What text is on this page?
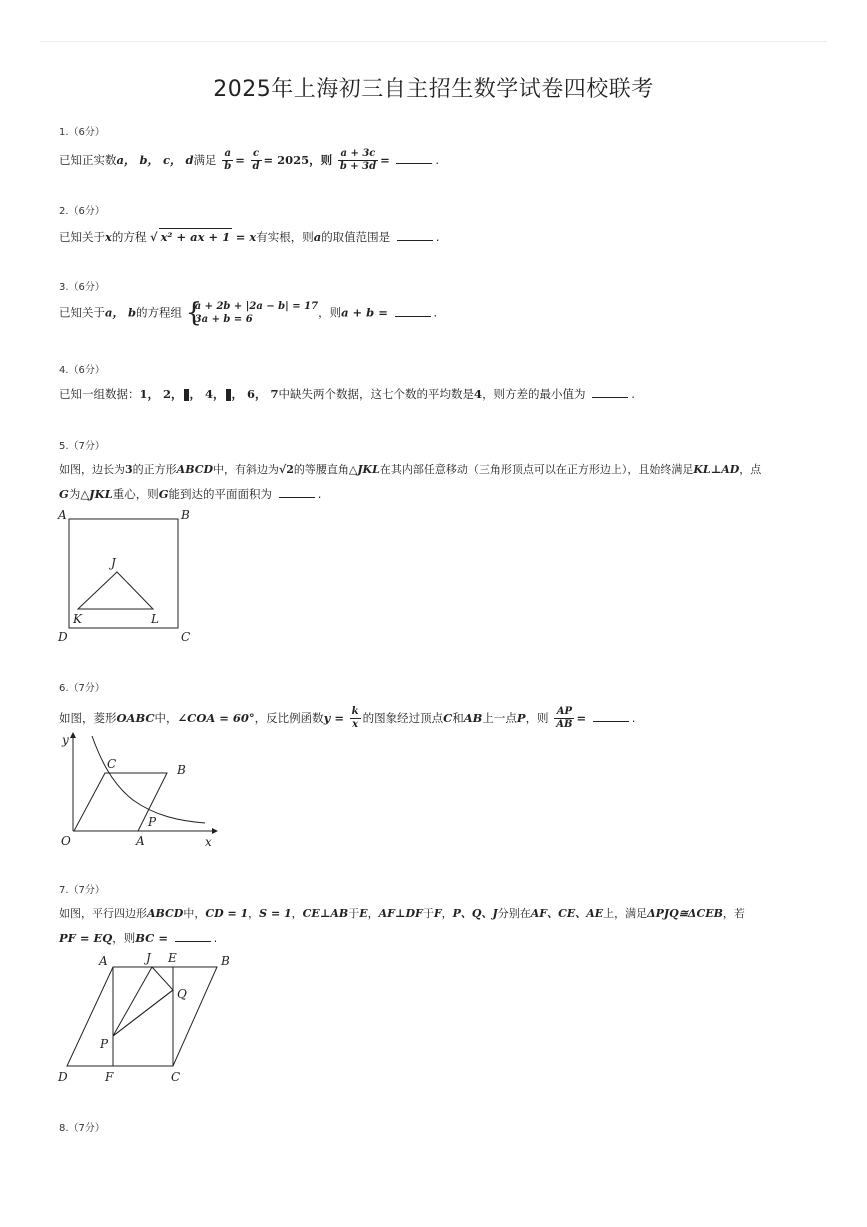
2025年上海初三自主招生数学试卷四校联考
1.（6分）
已知正实数a， b， c， d满足 $\frac{a}{b} = \frac{c}{d} = 2025$，则 $\frac{a + 3c}{b + 3d}$ =	.
2.（6分）
已知关于x的方程 √ x² + ax + 1 = x有实根，则a的取值范围是	.
3.（6分）
已知关于a， b的方程组 {
a + 2b + |2a − b| = 17
3a + b = 6	，则a + b =	.
4.（6分）
已知一组数据：1， 2， ， 4， ， 6， 7中缺失两个数据，这七个数的平均数是4，则方差的最小值为	.
5.（7分）
如图，边长为3的正方形ABCD中，有斜边为√2的等腰直角△JKL在其内部任意移动（三角形顶点可以在正方形边上），且始终满足KL⊥AD，点
G为△JKL重心，则G能到达的平面面积为	.
A	B
C
D
J
K	L
6.（7分）
如图，菱形OABC中，∠COA = 60°，反比例函数$y = \frac{k}{x}$ 的图象经过顶点C和AB上一点P，则 $\frac{AP}{AB}$ =	.
y
x
O	A
B
C
P
7.（7分）
如图，平行四边形ABCD中，CD = 1，S = 1，CE⊥AB于E，AF⊥DF于F，P、Q、J分别在AF、CE、AE上，满足ΔPJQ≅ΔCEB，若
PF = EQ，则BC =	.
A	J E	B
Q
P
D	F	C
8.（7分）
